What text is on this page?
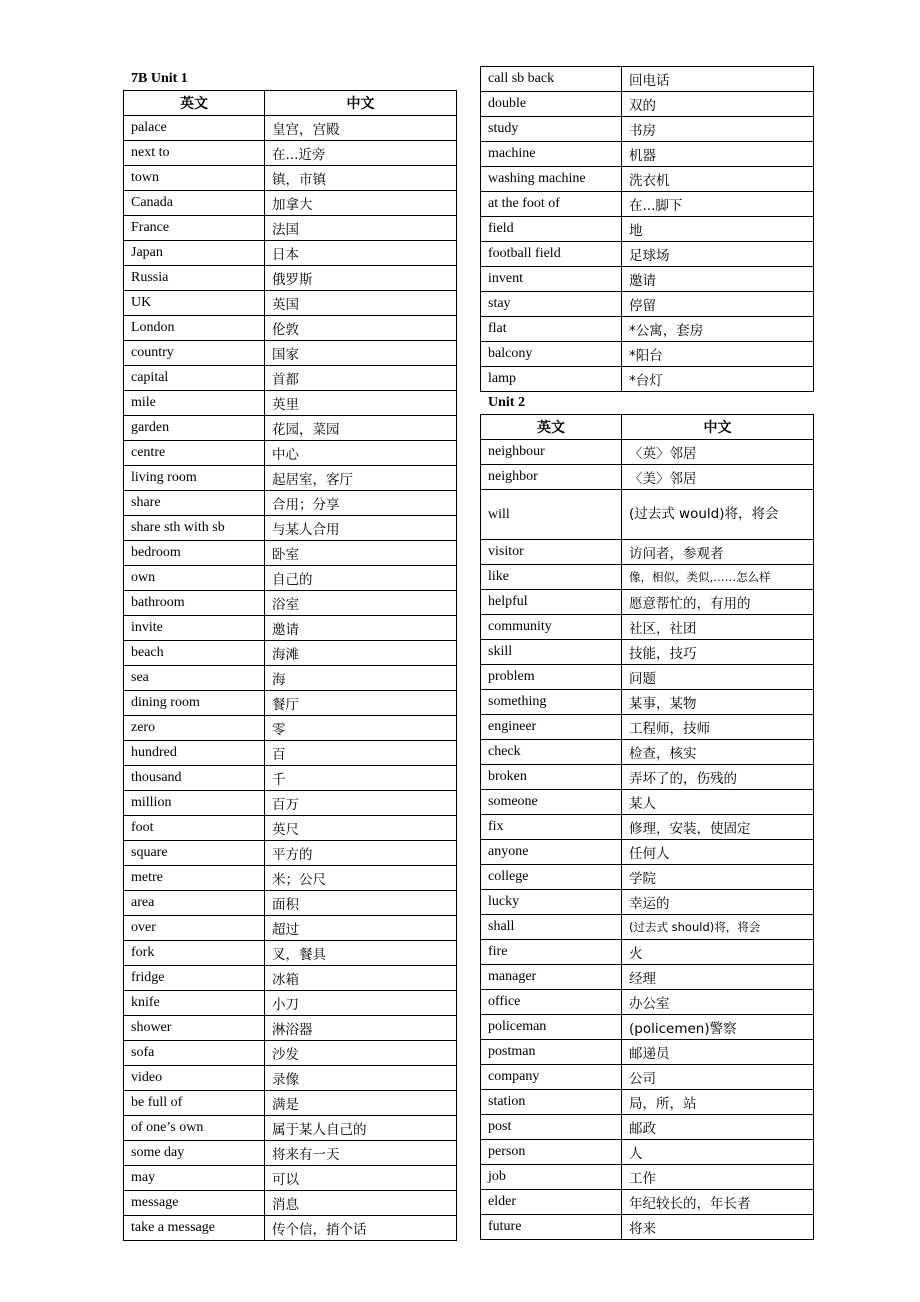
7B Unit 1
英文	中文
palace	皇宫，宫殿
next to	在...近旁
town	镇，市镇
Canada	加拿大
France	法国
Japan	日本
Russia	俄罗斯
UK	英国
London	伦敦
country	国家
capital	首都
mile	英里
garden	花园，菜园
centre	中心
living room	起居室，客厅
share	合用；分享
share sth with sb	与某人合用
bedroom	卧室
own	自己的
bathroom	浴室
invite	邀请
beach	海滩
sea	海
dining room	餐厅
zero	零
hundred	百
thousand	千
million	百万
foot	英尺
square	平方的
metre	米；公尺
area	面积
over	超过
fork	叉，餐具
fridge	冰箱
knife	小刀
shower	淋浴器
sofa	沙发
video	录像
be full of	满是
of one’s own	属于某人自己的
some day	将来有一天
may	可以
message	消息
take a message	传个信，捎个话
call sb back	回电话
double	双的
study	书房
machine	机器
washing machine	洗衣机
at the foot of	在...脚下
field	地
football field	足球场
invent	邀请
stay	停留
flat	*公寓，套房
balcony	*阳台
lamp	*台灯
Unit 2
英文	中文
neighbour	〈英〉邻居
neighbor	〈美〉邻居
will	(过去式 would)将，将会
visitor	访问者，参观者
like	像，相似，类似,……怎么样
helpful	愿意帮忙的，有用的
community	社区，社团
skill	技能，技巧
problem	问题
something	某事，某物
engineer	工程师，技师
check	检查，核实
broken	弄坏了的，伤残的
someone	某人
fix	修理，安装，使固定
anyone	任何人
college	学院
lucky	幸运的
shall	(过去式 should)将，将会
fire	火
manager	经理
office	办公室
policeman	(policemen)警察
postman	邮递员
company	公司
station	局，所，站
post	邮政
person	人
job	工作
elder	年纪较长的，年长者
future	将来
